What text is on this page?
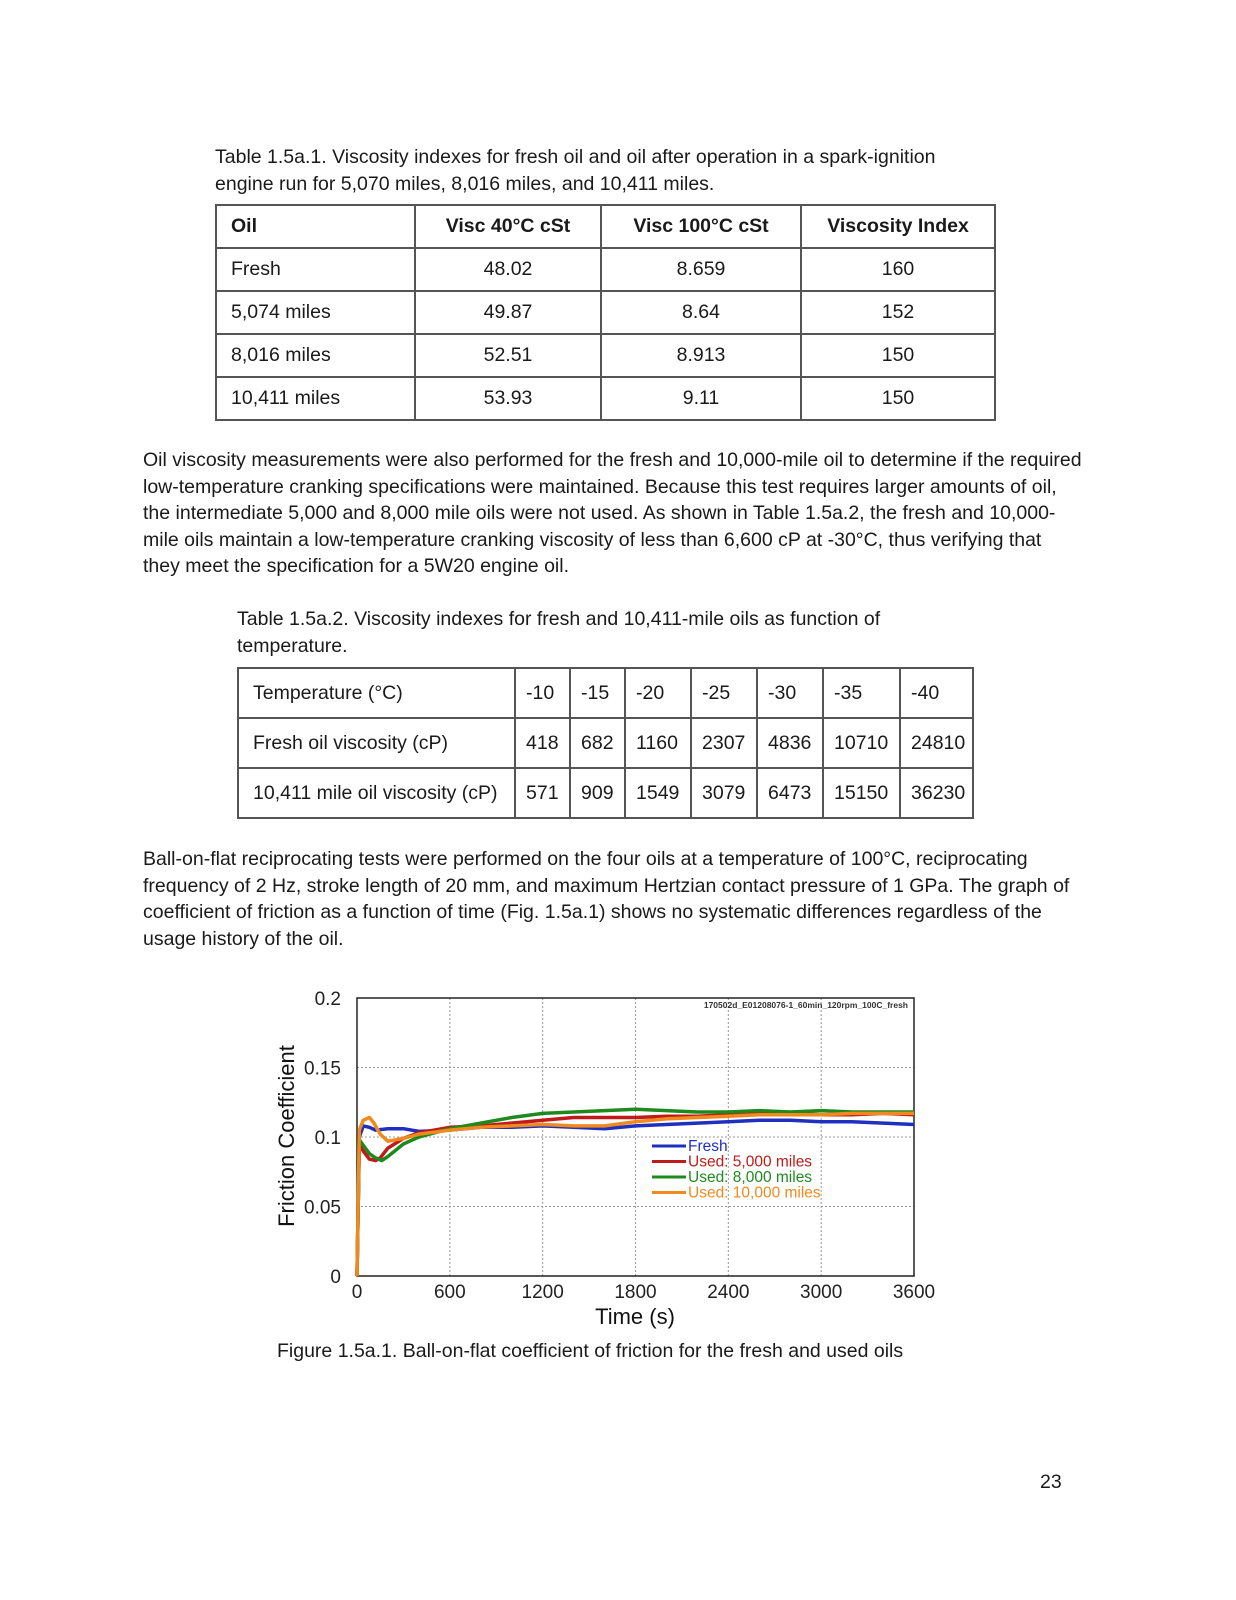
Table 1.5a.1. Viscosity indexes for fresh oil and oil after operation in a spark-ignition engine run for 5,070 miles, 8,016 miles, and 10,411 miles.
Oil	Visc 40°C cSt	Visc 100°C cSt	Viscosity Index
Fresh	48.02	8.659	160
5,074 miles	49.87	8.64	152
8,016 miles	52.51	8.913	150
10,411 miles	53.93	9.11	150
Oil viscosity measurements were also performed for the fresh and 10,000-mile oil to determine if the required low-temperature cranking specifications were maintained. Because this test requires larger amounts of oil, the intermediate 5,000 and 8,000 mile oils were not used. As shown in Table 1.5a.2, the fresh and 10,000-mile oils maintain a low-temperature cranking viscosity of less than 6,600 cP at -30°C, thus verifying that they meet the specification for a 5W20 engine oil.
Table 1.5a.2. Viscosity indexes for fresh and 10,411-mile oils as function of temperature.
Temperature (°C)	-10	-15	-20	-25	-30	-35	-40
Fresh oil viscosity (cP)	418	682	1160	2307	4836	10710	24810
10,411 mile oil viscosity (cP)	571	909	1549	3079	6473	15150	36230
Ball-on-flat reciprocating tests were performed on the four oils at a temperature of 100°C, reciprocating frequency of 2 Hz, stroke length of 20 mm, and maximum Hertzian contact pressure of 1 GPa. The graph of coefficient of friction as a function of time (Fig. 1.5a.1) shows no systematic differences regardless of the usage history of the oil.
170502d_E01208076-1_60min_120rpm_100C_fresh
0	600	1200	1800	2400	3000	3600
0
0.05
0.1
0.15
0.2
Time (s)
Friction Coefficient	Fresh
Used: 5,000 miles
Used: 8,000 miles
Used: 10,000 miles
Figure 1.5a.1. Ball-on-flat coefficient of friction for the fresh and used oils
23
